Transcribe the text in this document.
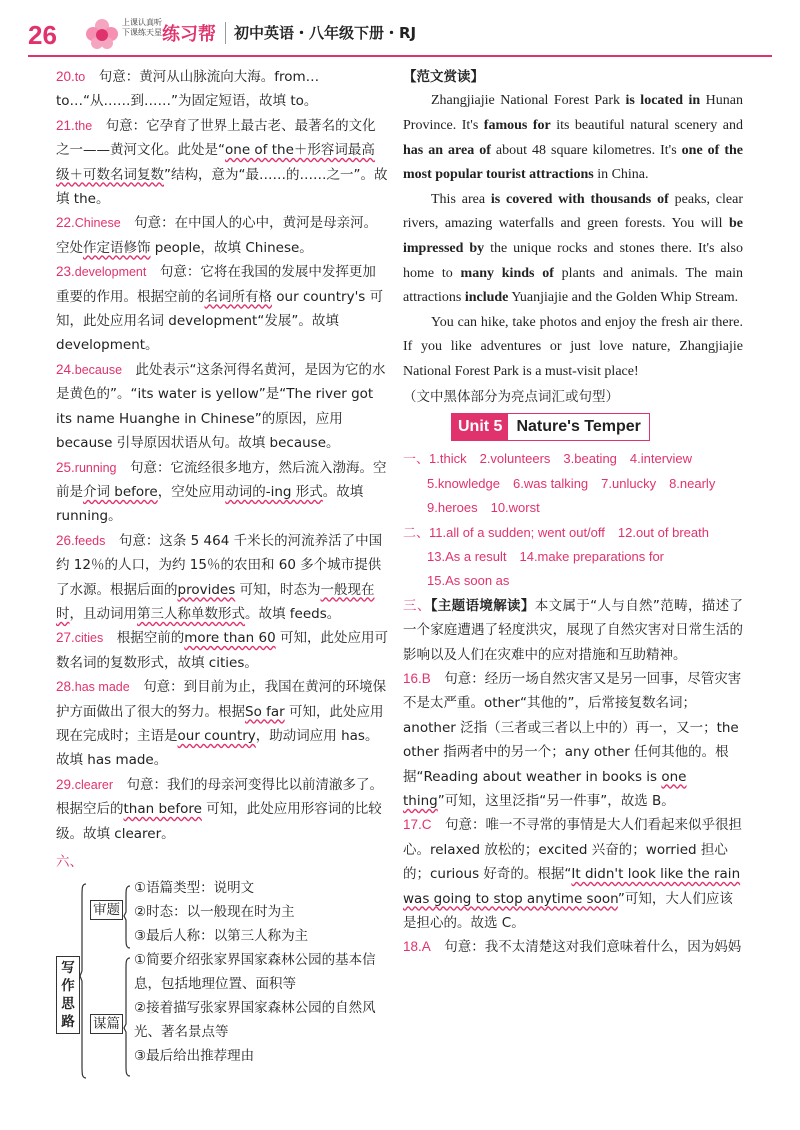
26	上课认真听
下课练天星 练习帮 初中英语・八年级下册・RJ

20.to　 句意：黄河从山脉流向大海。from…to…“从……到……”为固定短语，故填 to。

21.the　 句意：它孕育了世界上最古老、最著名的文化之一——黄河文化。此处是“one of the＋形容词最高级＋可数名词复数”结构，意为“最……的……之一”。故填 the。

22.Chinese　 句意：在中国人的心中，黄河是母亲河。空处作定语修饰 people，故填 Chinese。

23.development　 句意：它将在我国的发展中发挥更加重要的作用。根据空前的名词所有格 our country's 可知，此处应用名词 development“发展”。故填 development。

24.because　 此处表示“这条河得名黄河，是因为它的水是黄色的”。“its water is yellow”是“The river got its name Huanghe in Chinese”的原因，应用 because 引导原因状语从句。故填 because。

25.running　 句意：它流经很多地方，然后流入渤海。空前是介词 before，空处应用动词的-ing 形式。故填 running。

26.feeds　 句意：这条 5 464 千米长的河流养活了中国约 12％的人口，为约 15％的农田和 60 多个城市提供了水源。根据后面的provides 可知，时态为一般现在时，且动词用第三人称单数形式。故填 feeds。

27.cities　 根据空前的more than 60 可知，此处应用可数名词的复数形式，故填 cities。

28.has made　 句意：到目前为止，我国在黄河的环境保护方面做出了很大的努力。根据So far 可知，此处应用现在完成时；主语是our country，助动词应用 has。故填 has made。

29.clearer　 句意：我们的母亲河变得比以前清澈多了。根据空后的than before 可知，此处应用形容词的比较级。故填 clearer。

六、

写作思路
审题
谋篇
①语篇类型：说明文
②时态：以一般现在时为主
③最后人称：以第三人称为主
①简要介绍张家界国家森林公园的基本信息，包括地理位置、面积等
②接着描写张家界国家森林公园的自然风光、著名景点等
③最后给出推荐理由
【范文赏读】

Zhangjiajie National Forest Park is located in Hunan Province. It's famous for its beautiful natural scenery and has an area of about 48 square kilometres. It's one of the most popular tourist attractions in China.

This area is covered with thousands of peaks, clear rivers, amazing waterfalls and green forests. You will be impressed by the unique rocks and stones there. It's also home to many kinds of plants and animals. The main attractions include Yuanjiajie and the Golden Whip Stream.

You can hike, take photos and enjoy the fresh air there. If you like adventures or just love nature, Zhangjiajie National Forest Park is a must-visit place!

（文中黑体部分为亮点词汇或句型）
Unit 5 Nature's Temper
一、1.thick　2.volunteers　3.beating　4.interview
5.knowledge　6.was talking　7.unlucky　8.nearly
9.heroes　10.worst
二、11.all of a sudden; went out/off　12.out of breath
13.As a result　14.make preparations for
15.As soon as
三、【主题语境解读】本文属于“人与自然”范畴，描述了一个家庭遭遇了轻度洪灾，展现了自然灾害对日常生活的影响以及人们在灾难中的应对措施和互助精神。

16.B　 句意：经历一场自然灾害又是另一回事，尽管灾害不是太严重。other“其他的”，后常接复数名词；another 泛指（三者或三者以上中的）再一，又一；the other 指两者中的另一个；any other 任何其他的。根据“Reading about weather in books is one thing”可知，这里泛指“另一件事”，故选 B。

17.C　 句意：唯一不寻常的事情是大人们看起来似乎很担心。relaxed 放松的；excited 兴奋的；worried 担心的；curious 好奇的。根据“It didn't look like the rain was going to stop anytime soon”可知，大人们应该是担心的。故选 C。

18.A　 句意：我不太清楚这对我们意味着什么，因为妈妈
